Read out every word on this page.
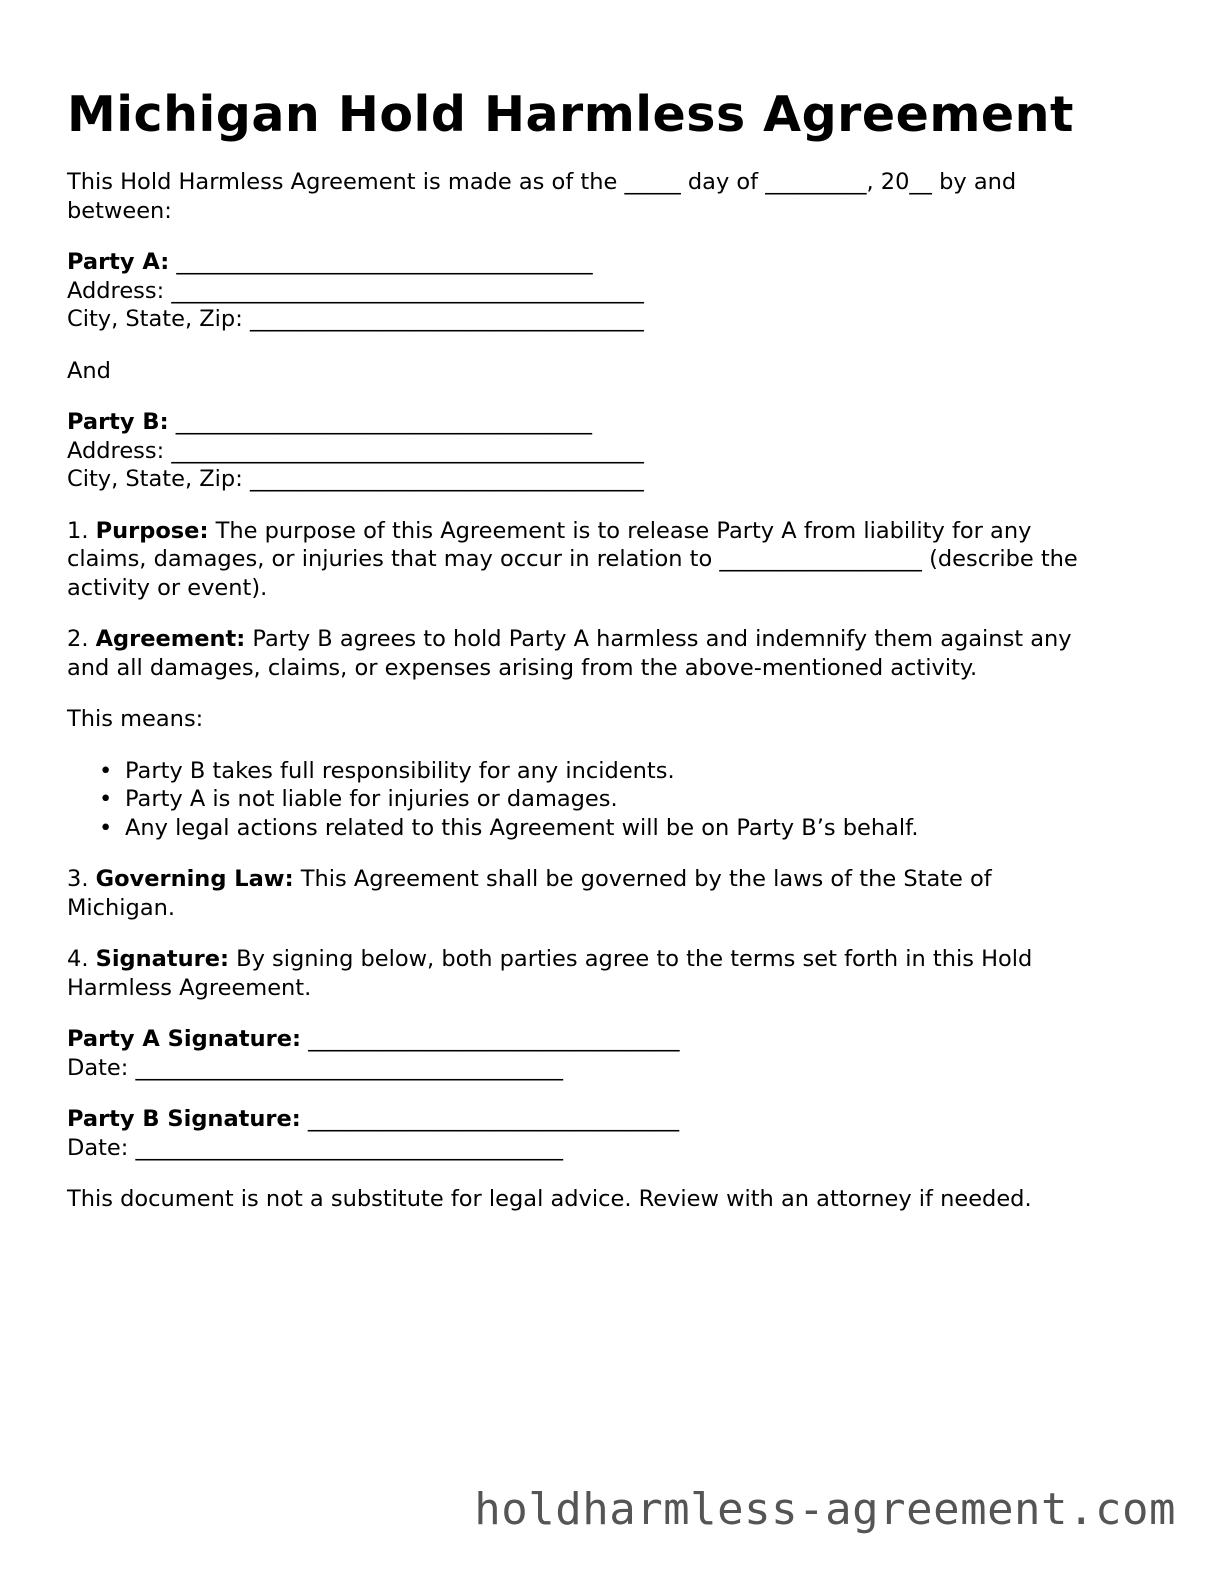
Michigan Hold Harmless Agreement

This Hold Harmless Agreement is made as of the _____ day of _________, 20__ by and
between:

Party A: _____________________________________
Address: __________________________________________
City, State, Zip: ___________________________________

And

Party B: _____________________________________
Address: __________________________________________
City, State, Zip: ___________________________________

1. Purpose: The purpose of this Agreement is to release Party A from liability for any
claims, damages, or injuries that may occur in relation to __________________ (describe the
activity or event).

2. Agreement: Party B agrees to hold Party A harmless and indemnify them against any
and all damages, claims, or expenses arising from the above-mentioned activity.

This means:

• Party B takes full responsibility for any incidents.
• Party A is not liable for injuries or damages.
• Any legal actions related to this Agreement will be on Party B’s behalf.

3. Governing Law: This Agreement shall be governed by the laws of the State of
Michigan.

4. Signature: By signing below, both parties agree to the terms set forth in this Hold
Harmless Agreement.

Party A Signature: _________________________________
Date: ______________________________________

Party B Signature: _________________________________
Date: ______________________________________

This document is not a substitute for legal advice. Review with an attorney if needed.

holdharmless-agreement.com
